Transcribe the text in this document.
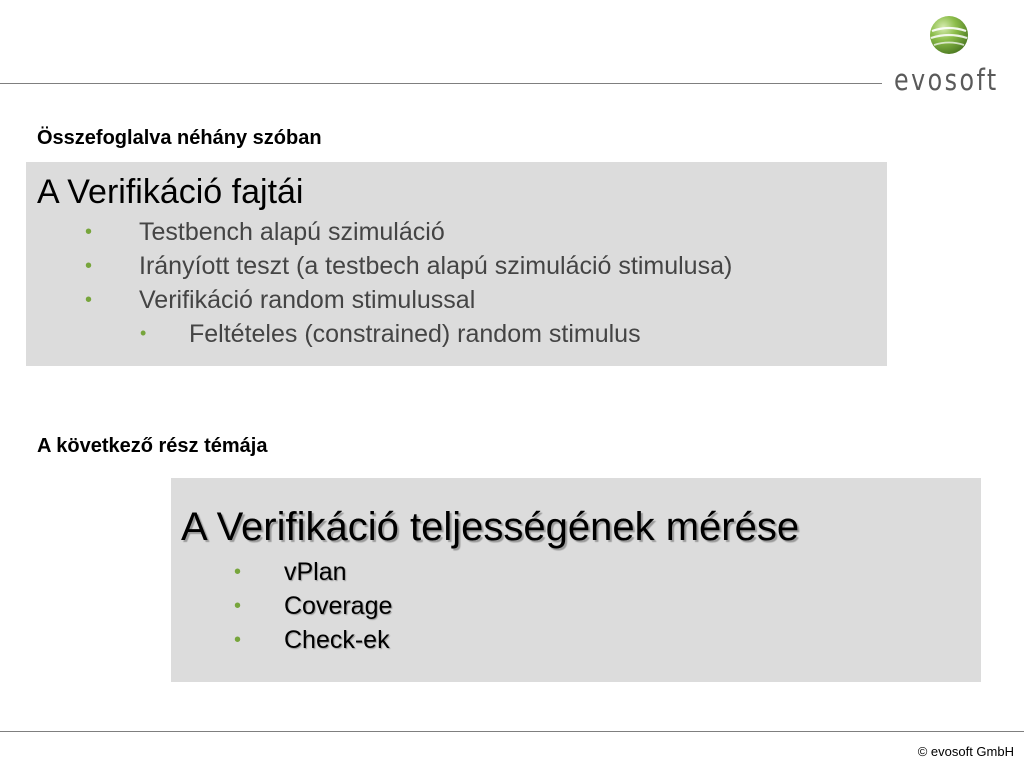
evosoft
Összefoglalva néhány szóban
A Verifikáció fajtái
• Testbench alapú szimuláció
• Irányíott teszt (a testbech alapú szimuláció stimulusa)
• Verifikáció random stimulussal
• Feltételes (constrained) random stimulus
A következő rész témája
A Verifikáció teljességének mérése
• vPlan
• Coverage
• Check-ek
© evosoft GmbH
